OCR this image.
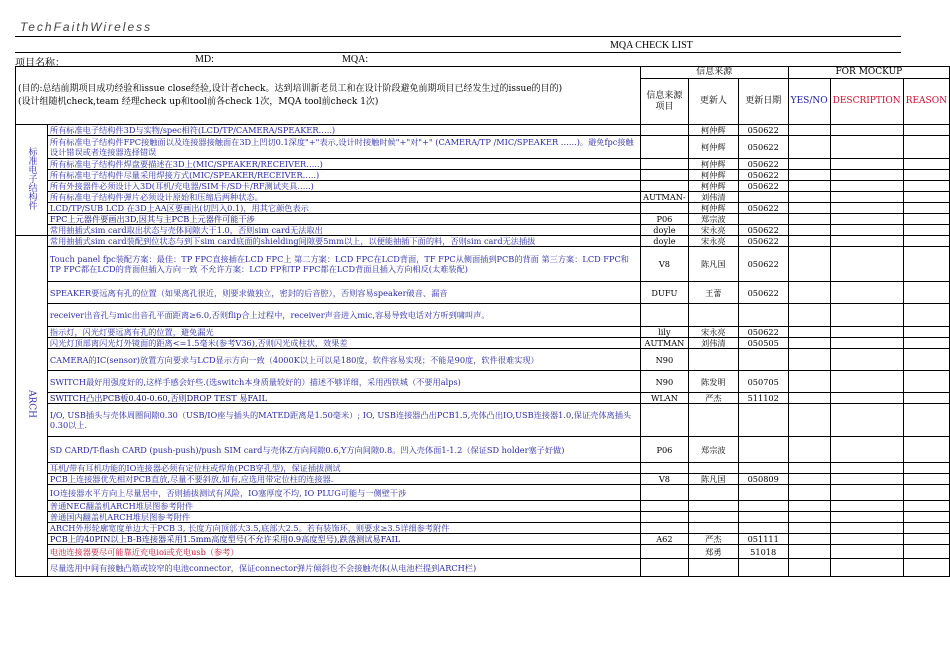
TechFaithWireless
MQA CHECK LIST
项目名称：	MD:	MQA:
(目的:总结前期项目成功经验和issue close经验,设计者check。达到培训新老员工和在设计阶段避免前期项目已经发生过的issue的目的)
(设计组随机check,team 经理check up和tool前各check 1次，MQA tool前check 1次)		信息来源			FOR MOCKUP		
		信息来源项目	更新人	更新日期	YES/NO	DESCRIPTION	REASON
标准电子结构件	所有标准电子结构件3D与实物/spec相符(LCD/TP/CAMERA/SPEAKER…..)		柯仲辉	050622			
	所有标准电子结构件FPC接触面以及连接器接触面在3D上凹切0.1深度"+"表示,设计时接触时候"+"对"+" (CAMERA/TP /MIC/SPEAKER …...)。避免fpc接触设计错误或者连接器选择错误		柯仲辉	050622			
	所有标准电子结构件焊盘要描述在3D上(MIC/SPEAKER/RECEIVER…..)		柯仲辉	050622			
	所有标准电子结构件尽量采用焊接方式(MIC/SPEAKER/RECEIVER…..)		柯仲辉	050622			
	所有外接器件必须设计入3D(耳机/充电器/SIM卡/SD卡/RF测试夹具…..)		柯仲辉	050622			
	所有标准电子结构件弹片必须设计原始和压缩后两种状态。	AUTMAN-	刘伟清				
	LCD/TP/SUB LCD 在3D上AA区要画出(切凹入0.1)，用其它颜色表示		柯仲辉	050622			
	FPC上元器件要画出3D,因其与主PCB上元器件可能干涉	P06	郑宗波				
	常用抽插式sim card取出状态与壳体间隙大于1.0，否则sim card无法取出	doyle	宋永亮	050622			
ARCH	常用抽插式sim card装配到位状态与到下sim card底面的shielding间隙要5mm以上，以便能抽插下面的料，否则sim card无法插拔	doyle	宋永亮	050622			
	Touch panel fpc装配方案：最佳：TP FPC直接插在LCD FPC上 第二方案：LCD FPC在LCD背面，TF FPC从侧面插到PCB的背面 第三方案：LCD FPC和TP FPC都在LCD的背面但插入方向一致 不允许方案：LCD FP和TP FPC都在LCD背面且插入方向相反(太难装配)	V8	陈凡国	050622			
	SPEAKER要远离有孔的位置（如果离孔很近，则要求做独立，密封的后音腔），否则容易speaker破音、漏音	DUFU	王蕾	050622			
	receiver出音孔与mic出音孔平面距离≥6.0,否则flip合上过程中，receiver声音进入mic,容易导致电话对方听到啸叫声。						
	指示灯，闪光灯要远离有孔的位置，避免漏光	lily	宋永亮	050622			
	闪光灯顶部离闪光灯外镜面的距离<=1.5毫米(参考V36),否则闪光成柱状，效果差	AUTMAN	刘伟清	050505			
	CAMERA的IC(sensor)放置方向要求与LCD显示方向一致（4000K以上可以是180度，软件容易实现；不能是90度，软件很难实现）	N90					
	SWITCH最好用强度好的,这样手感会好些.(选switch本身质量较好的）描述不够详细，采用西铁城（不要用alps)	N90	陈发明	050705			
	SWITCH凸出PCB板0.40-0.60,否则DROP TEST 易FAIL	WLAN	严杰	511102			
	I/O, USB插头与壳体周圈间隙0.30（USB/IO座与插头的MATED距离是1.50毫米）; IO, USB连接器凸出PCB1.5,壳体凸出IO,USB连接器1.0,保证壳体离插头0.30以上.						
	SD CARD/T-flash CARD (push-push)/push SIM card与壳体Z方向间隙0.6,Y方向间隙0.8。凹入壳体面1-1.2（保证SD holder塞子好做)	P06	郑宗波				
	耳机/带有耳机功能的IO连接器必须有定位柱或焊角(PCB穿孔型)，保证插拔测试						
	PCB上连接器优先相对PCB直放,尽量不要斜放,如有,应选用带定位柱的连接器.	V8	陈凡国	050809			
	IO连接器水平方向上尽量居中，否则插拔测试有风险，IO塞厚度不均, IO PLUG可能与一侧壁干涉						
	普通NEC翻盖机ARCH堆层图参考附件						
	普通国内翻盖机ARCH堆层图参考附件						
	ARCH外形轮廓宽度单边大于PCB 3, 长度方向顶部大3.5,底部大2.5。若有装饰环，则要求≥3.5详细参考附件						
	PCB上的40PIN以上B-B连接器采用1.5mm高度型号(不允许采用0.9高度型号),跌落测试易FAIL	A62	严杰	051111			
	电池连接器要尽可能靠近充电ioi或充电usb（参考）		郑勇	51018			
	尽量选用中间有接触凸筋或铰窄的电池connector，保证connector弹片倾斜也不会接触壳体(从电池栏提到ARCH栏)						
